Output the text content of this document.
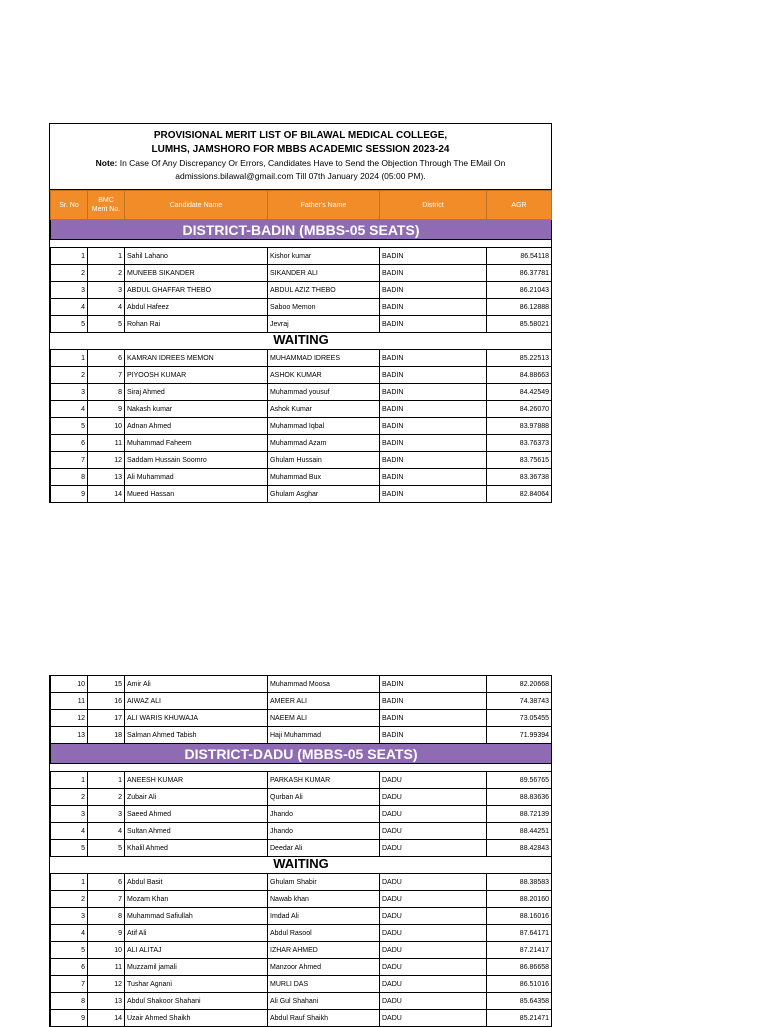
PROVISIONAL MERIT LIST OF BILAWAL MEDICAL COLLEGE,
LUMHS, JAMSHORO FOR MBBS ACADEMIC SESSION 2023-24
Note: In Case Of Any Discrepancy Or Errors, Candidates Have to Send the Objection Through The EMail On
admissions.bilawal@gmail.com Till 07th January 2024 (05:00 PM).
Sr. No	BMC Merit No.	Candidate Name	Father's Name	District	AGR
DISTRICT-BADIN (MBBS-05 SEATS)					

1	1	Sahil Lahano	Kishor kumar	BADIN	86.54118
2	2	MUNEEB SIKANDER	SIKANDER ALI	BADIN	86.37781
3	3	ABDUL GHAFFAR THEBO	ABDUL AZIZ THEBO	BADIN	86.21043
4	4	Abdul Hafeez	Saboo Memon	BADIN	86.12888
5	5	Rohan Rai	Jevraj	BADIN	85.58021
WAITING					
1	6	KAMRAN IDREES MEMON	MUHAMMAD IDREES	BADIN	85.22513
2	7	PIYOOSH KUMAR	ASHOK KUMAR	BADIN	84.88663
3	8	Siraj Ahmed	Muhammad yousuf	BADIN	84.42549
4	9	Nakash kumar	Ashok Kumar	BADIN	84.26070
5	10	Adnan Ahmed	Muhammad Iqbal	BADIN	83.97888
6	11	Muhammad Faheem	Muhammad Azam	BADIN	83.76373
7	12	Saddam Hussain Soomro	Ghulam Hussain	BADIN	83.75615
8	13	Ali Muhammad	Muhammad Bux	BADIN	83.36738
9	14	Mueed Hassan	Ghulam Asghar	BADIN	82.84064
10	15	Amir Ali	Muhammad Moosa	BADIN	82.20668
11	16	AIWAZ ALI	AMEER ALI	BADIN	74.38743
12	17	ALI WARIS KHUWAJA	NAEEM ALI	BADIN	73.05455
13	18	Salman Ahmed Tabish	Haji Muhammad	BADIN	71.99394
DISTRICT-DADU (MBBS-05 SEATS)					

1	1	ANEESH KUMAR	PARKASH KUMAR	DADU	89.56765
2	2	Zubair Ali	Qurban Ali	DADU	88.83636
3	3	Saeed Ahmed	Jhando	DADU	88.72139
4	4	Sultan Ahmed	Jhando	DADU	88.44251
5	5	Khalil Ahmed	Deedar Ali	DADU	88.42843
WAITING					
1	6	Abdul Basit	Ghulam Shabir	DADU	88.38583
2	7	Mozam Khan	Nawab khan	DADU	88.20160
3	8	Muhammad Safiullah	Imdad Ali	DADU	88.16016
4	9	Atif Ali	Abdul Rasool	DADU	87.64171
5	10	ALI ALITAJ	IZHAR AHMED	DADU	87.21417
6	11	Muzzamil jamali	Manzoor Ahmed	DADU	86.86658
7	12	Tushar Agnani	MURLI DAS	DADU	86.51016
8	13	Abdul Shakoor Shahani	Ali Gul Shahani	DADU	85.64358
9	14	Uzair Ahmed Shaikh	Abdul Rauf Shaikh	DADU	85.21471
